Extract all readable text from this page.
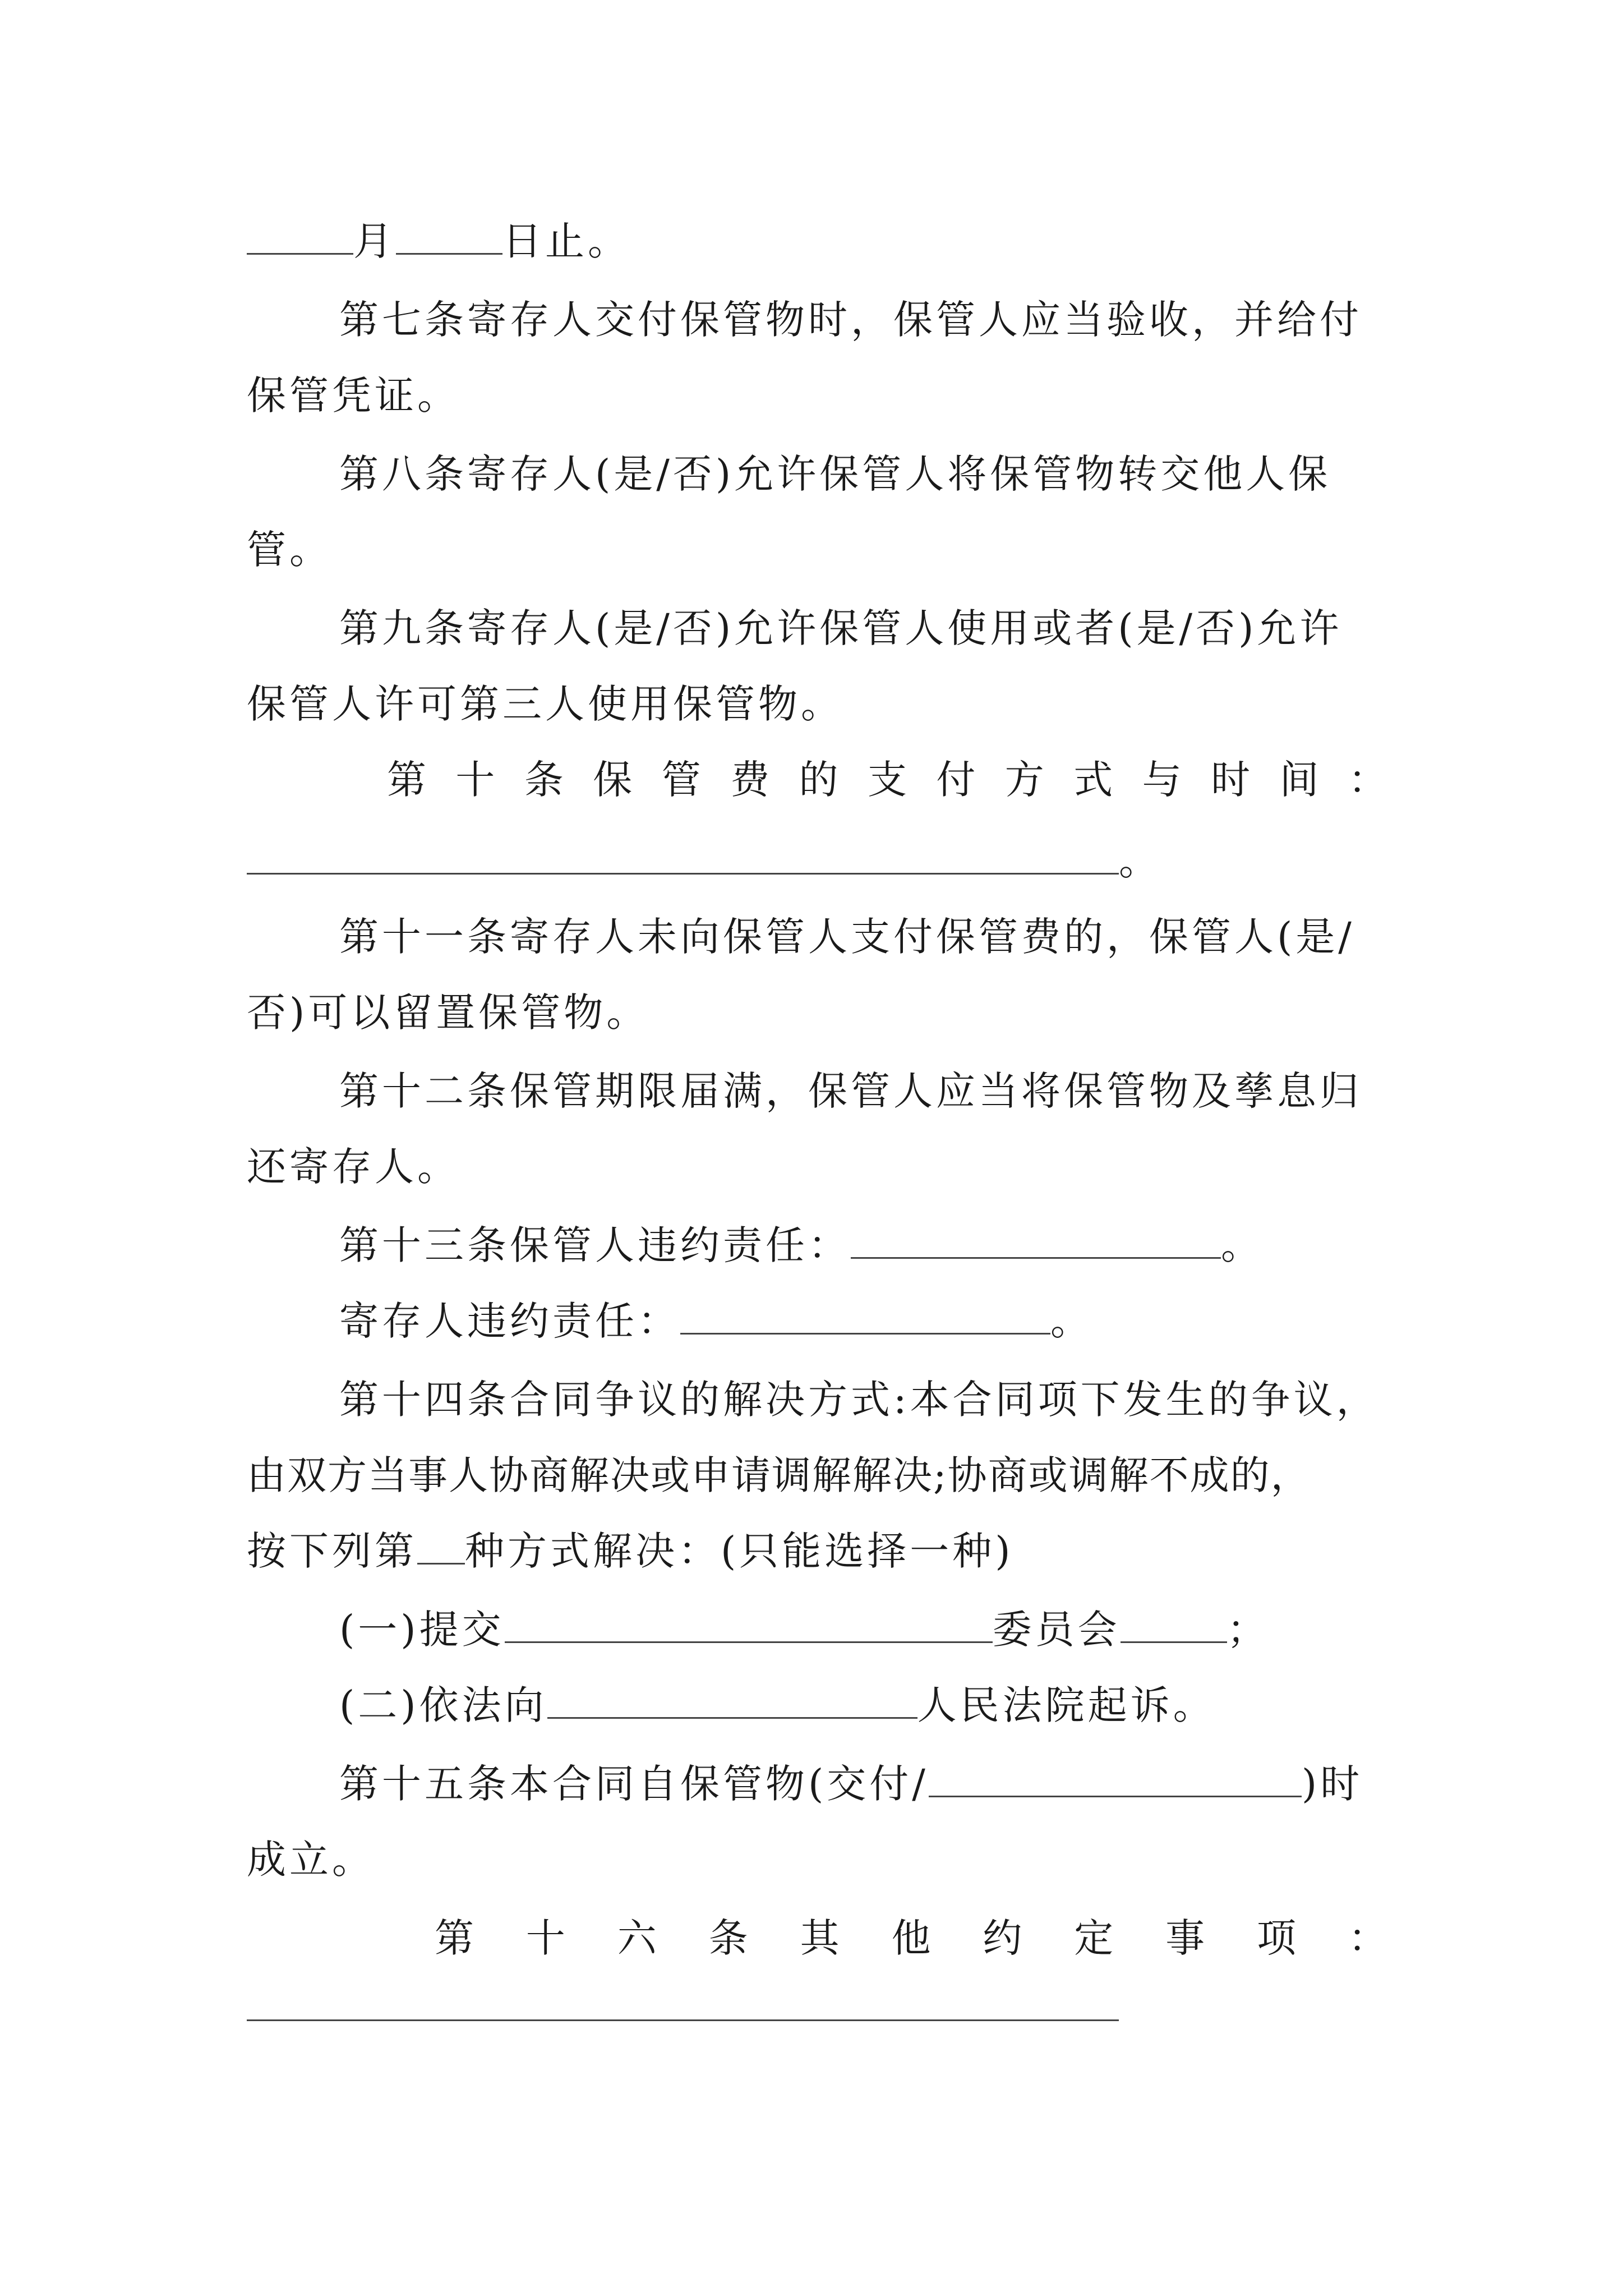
月	日止。
第七条寄存人交付保管物时，保管人应当验收，并给付
保管凭证。
第八条寄存人(是/否)允许保管人将保管物转交他人保
管。
第九条寄存人(是/否)允许保管人使用或者(是/否)允许
保管人许可第三人使用保管物。
第 十 条 保 管 费 的 支 付 方 式 与 时 间 ：
。
第十一条寄存人未向保管人支付保管费的，保管人(是/
否)可以留置保管物。
第十二条保管期限届满，保管人应当将保管物及孳息归
还寄存人。
第十三条保管人违约责任：	。
寄存人违约责任：	。
第十四条合同争议的解决方式:本合同项下发生的争议，
由双方当事人协商解决或申请调解解决;协商或调解不成的，
按下列第 种方式解决：(只能选择一种)
(一)提交	委员会	；
(二)依法向	人民法院起诉。
第十五条本合同自保管物(交付/	)时
成立。
第 十 六 条 其 他 约 定 事 项 ：
